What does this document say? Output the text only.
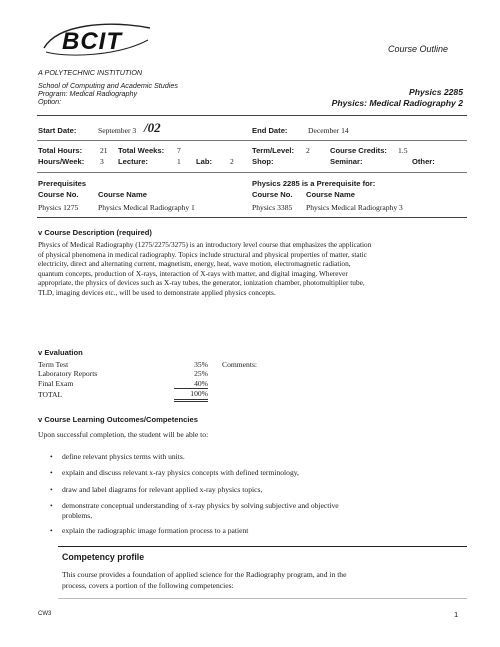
BCIT	Course Outline
A POLYTECHNIC INSTITUTION
School of Computing and Academic Studies
Program: Medical Radiography
Option:
Physics 2285
Physics: Medical Radiography 2
Start Date:	September 3 /02	End Date:	December 14
Total Hours: 21 Total Weeks: 7	Term/Level: 2	Course Credits: 1.5
Hours/Week: 3 Lecture:	1 Lab: 2 Shop:	Seminar:	Other:
Prerequisites	Physics 2285 is a Prerequisite for:
Course No.	Course Name	Course No. Course Name
Physics 1275	Physics Medical Radiography 1	Physics 3385 Physics Medical Radiography 3
v Course Description (required)
Physics of Medical Radiography (1275/2275/3275) is an introductory level course that emphasizes the application
of physical phenomena in medical radiography. Topics include structural and physical properties of matter, static
electricity, direct and alternating current, magnetism, energy, heat, wave motion, electromagnetic radiation,
quantum concepts, production of X-rays, interaction of X-rays with matter, and digital imaging. Wherever
appropriate, the physics of devices such as X-ray tubes, the generator, ionization chamber, photomultiplier tube,
TLD, imaging devices etc., will be used to demonstrate applied physics concepts.
v Evaluation
Term Test	35%
Laboratory Reports	25%
Final Exam	40%
TOTAL	100%
Comments:
v Course Learning Outcomes/Competencies
Upon successful completion, the student will be able to:
• define relevant physics terms with units.
• explain and discuss relevant x-ray physics concepts with defined terminology,
• draw and label diagrams for relevant applied x-ray physics topics,
• demonstrate conceptual understanding of x-ray physics by solving subjective and objective
problems,
• explain the radiographic image formation process to a patient
Competency profile
This course provides a foundation of applied science for the Radiography program, and in the
process, covers a portion of the following competencies:
CW3	1
